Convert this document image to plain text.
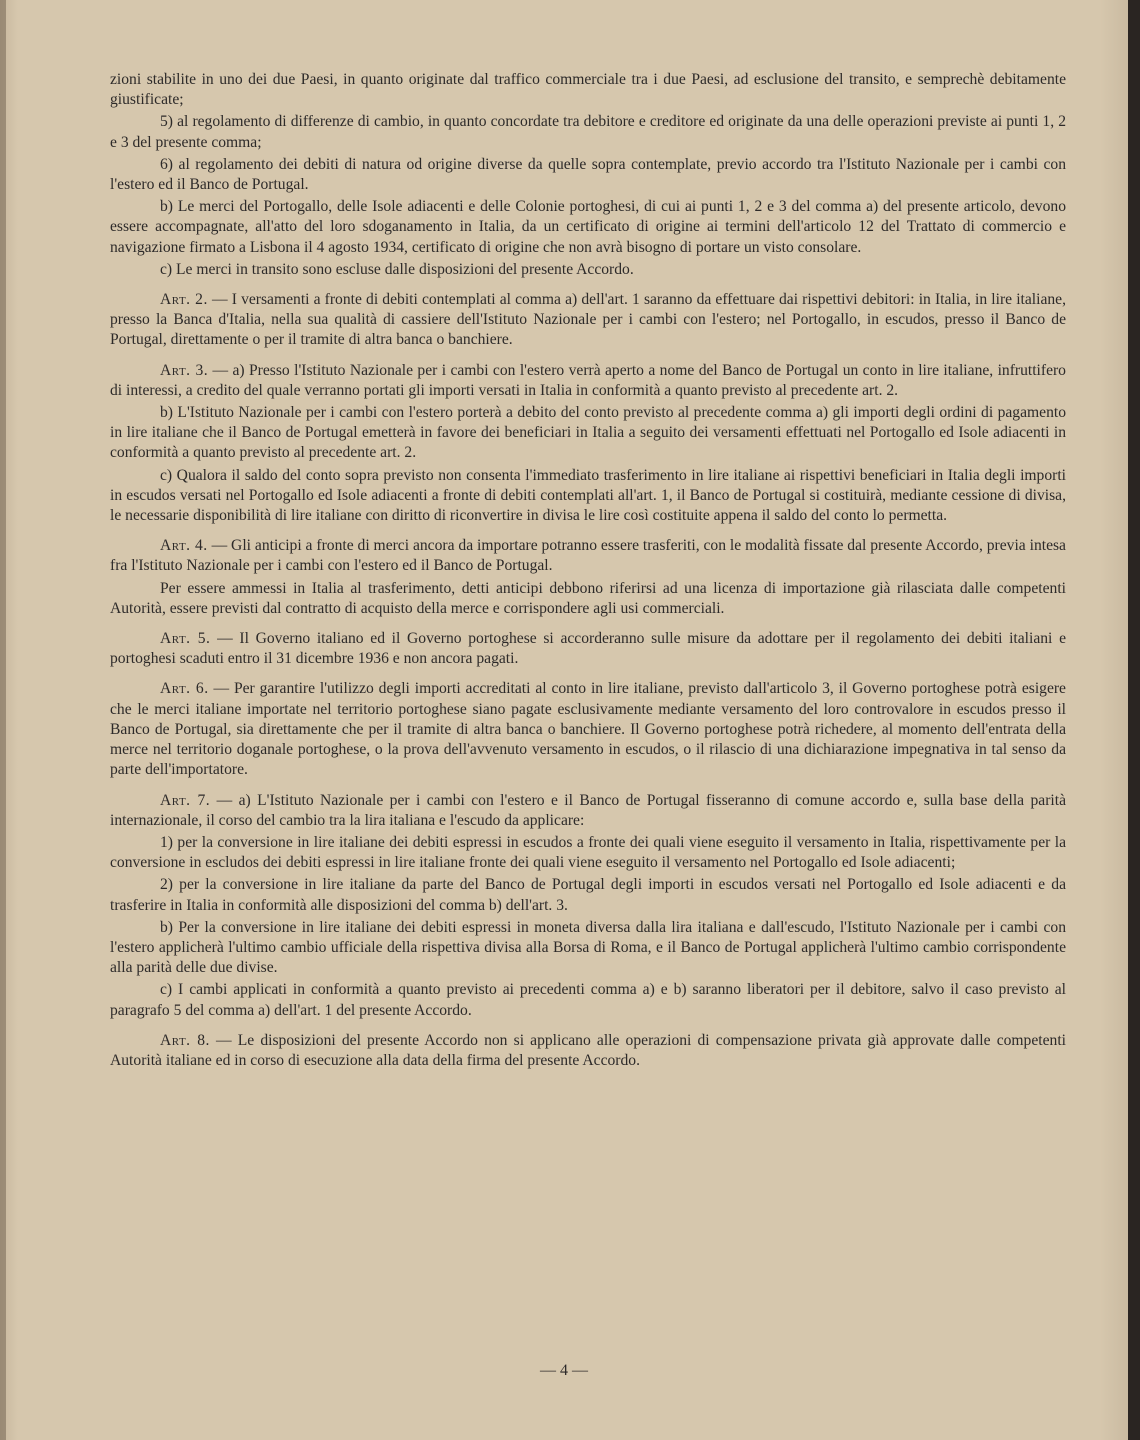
zioni stabilite in uno dei due Paesi, in quanto originate dal traffico commerciale tra i due Paesi, ad esclusione del transito, e semprechè debitamente giustificate;

5) al regolamento di differenze di cambio, in quanto concordate tra debitore e creditore ed originate da una delle operazioni previste ai punti 1, 2 e 3 del presente comma;

6) al regolamento dei debiti di natura od origine diverse da quelle sopra contemplate, previo accordo tra l'Istituto Nazionale per i cambi con l'estero ed il Banco de Portugal.

b) Le merci del Portogallo, delle Isole adiacenti e delle Colonie portoghesi, di cui ai punti 1, 2 e 3 del comma a) del presente articolo, devono essere accompagnate, all'atto del loro sdoganamento in Italia, da un certificato di origine ai termini dell'articolo 12 del Trattato di commercio e navigazione firmato a Lisbona il 4 agosto 1934, certificato di origine che non avrà bisogno di portare un visto consolare.

c) Le merci in transito sono escluse dalle disposizioni del presente Accordo.

Art. 2. — I versamenti a fronte di debiti contemplati al comma a) dell'art. 1 saranno da effettuare dai rispettivi debitori: in Italia, in lire italiane, presso la Banca d'Italia, nella sua qualità di cassiere dell'Istituto Nazionale per i cambi con l'estero; nel Portogallo, in escudos, presso il Banco de Portugal, direttamente o per il tramite di altra banca o banchiere.

Art. 3. — a) Presso l'Istituto Nazionale per i cambi con l'estero verrà aperto a nome del Banco de Portugal un conto in lire italiane, infruttifero di interessi, a credito del quale verranno portati gli importi versati in Italia in conformità a quanto previsto al precedente art. 2.

b) L'Istituto Nazionale per i cambi con l'estero porterà a debito del conto previsto al precedente comma a) gli importi degli ordini di pagamento in lire italiane che il Banco de Portugal emetterà in favore dei beneficiari in Italia a seguito dei versamenti effettuati nel Portogallo ed Isole adiacenti in conformità a quanto previsto al precedente art. 2.

c) Qualora il saldo del conto sopra previsto non consenta l'immediato trasferimento in lire italiane ai rispettivi beneficiari in Italia degli importi in escudos versati nel Portogallo ed Isole adiacenti a fronte di debiti contemplati all'art. 1, il Banco de Portugal si costituirà, mediante cessione di divisa, le necessarie disponibilità di lire italiane con diritto di riconvertire in divisa le lire così costituite appena il saldo del conto lo permetta.

Art. 4. — Gli anticipi a fronte di merci ancora da importare potranno essere trasferiti, con le modalità fissate dal presente Accordo, previa intesa fra l'Istituto Nazionale per i cambi con l'estero ed il Banco de Portugal.

Per essere ammessi in Italia al trasferimento, detti anticipi debbono riferirsi ad una licenza di importazione già rilasciata dalle competenti Autorità, essere previsti dal contratto di acquisto della merce e corrispondere agli usi commerciali.

Art. 5. — Il Governo italiano ed il Governo portoghese si accorderanno sulle misure da adottare per il regolamento dei debiti italiani e portoghesi scaduti entro il 31 dicembre 1936 e non ancora pagati.

Art. 6. — Per garantire l'utilizzo degli importi accreditati al conto in lire italiane, previsto dall'articolo 3, il Governo portoghese potrà esigere che le merci italiane importate nel territorio portoghese siano pagate esclusivamente mediante versamento del loro controvalore in escudos presso il Banco de Portugal, sia direttamente che per il tramite di altra banca o banchiere. Il Governo portoghese potrà richedere, al momento dell'entrata della merce nel territorio doganale portoghese, o la prova dell'avvenuto versamento in escudos, o il rilascio di una dichiarazione impegnativa in tal senso da parte dell'importatore.

Art. 7. — a) L'Istituto Nazionale per i cambi con l'estero e il Banco de Portugal fisseranno di comune accordo e, sulla base della parità internazionale, il corso del cambio tra la lira italiana e l'escudo da applicare:

1) per la conversione in lire italiane dei debiti espressi in escudos a fronte dei quali viene eseguito il versamento in Italia, rispettivamente per la conversione in escludos dei debiti espressi in lire italiane fronte dei quali viene eseguito il versamento nel Portogallo ed Isole adiacenti;

2) per la conversione in lire italiane da parte del Banco de Portugal degli importi in escudos versati nel Portogallo ed Isole adiacenti e da trasferire in Italia in conformità alle disposizioni del comma b) dell'art. 3.

b) Per la conversione in lire italiane dei debiti espressi in moneta diversa dalla lira italiana e dall'escudo, l'Istituto Nazionale per i cambi con l'estero applicherà l'ultimo cambio ufficiale della rispettiva divisa alla Borsa di Roma, e il Banco de Portugal applicherà l'ultimo cambio corrispondente alla parità delle due divise.

c) I cambi applicati in conformità a quanto previsto ai precedenti comma a) e b) saranno liberatori per il debitore, salvo il caso previsto al paragrafo 5 del comma a) dell'art. 1 del presente Accordo.

Art. 8. — Le disposizioni del presente Accordo non si applicano alle operazioni di compensazione privata già approvate dalle competenti Autorità italiane ed in corso di esecuzione alla data della firma del presente Accordo.

— 4 —
